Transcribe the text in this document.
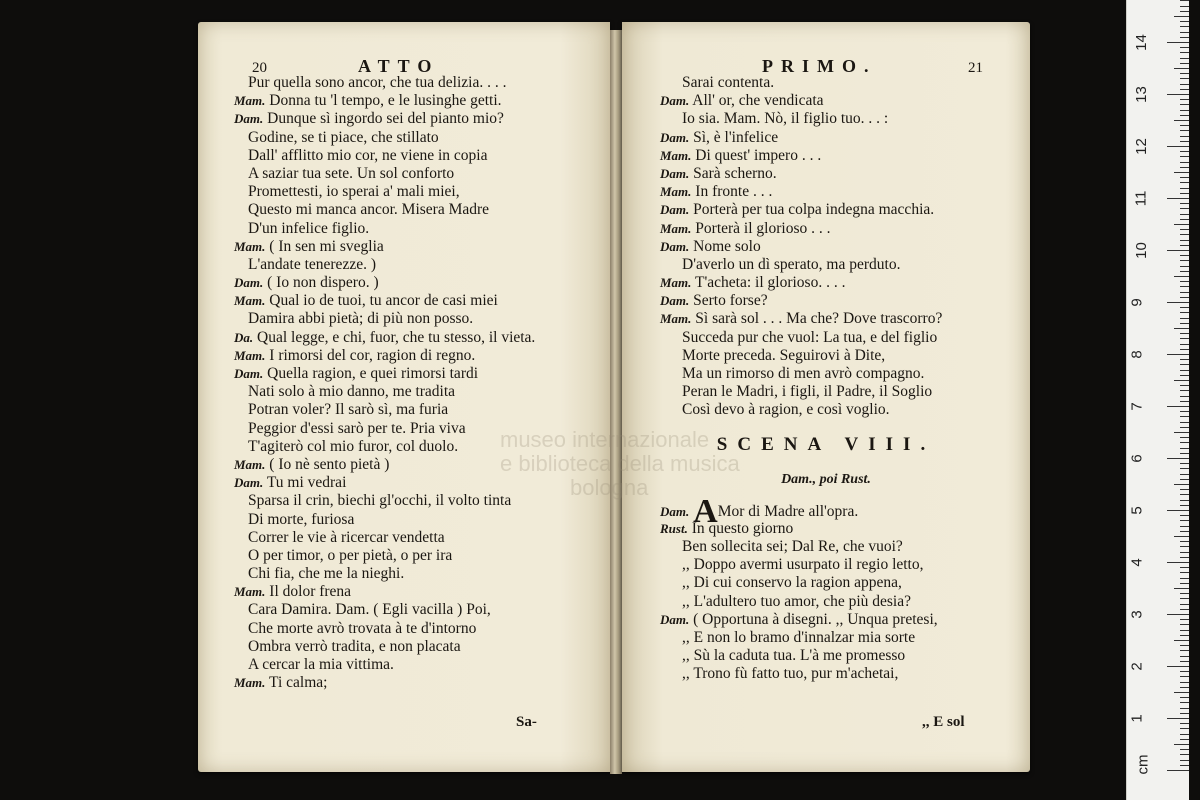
20	ATTO
Pur quella sono ancor, che tua delizia. . . .
Mam. Donna tu 'l tempo, e le lusinghe getti.
Dam. Dunque sì ingordo sei del pianto mio?
Godine, se ti piace, che stillato
Dall' afflitto mio cor, ne viene in copia
A saziar tua sete. Un sol conforto
Promettesti, io sperai a' mali miei,
Questo mi manca ancor. Misera Madre
D'un infelice figlio.
Mam. ( In sen mi sveglia
L'andate tenerezze. )
Dam. ( Io non dispero. )
Mam. Qual io de tuoi, tu ancor de casi miei
Damira abbi pietà; di più non posso.
Da. Qual legge, e chi, fuor, che tu stesso, il vieta.
Mam. I rimorsi del cor, ragion di regno.
Dam. Quella ragion, e quei rimorsi tardi
Nati solo à mio danno, me tradita
Potran voler? Il sarò sì, ma furia
Peggior d'essi sarò per te. Pria viva
T'agiterò col mio furor, col duolo.
Mam. ( Io nè sento pietà )
Dam. Tu mi vedrai
Sparsa il crin, biechi gl'occhi, il volto tinta
Di morte, furiosa
Correr le vie à ricercar vendetta
O per timor, o per pietà, o per ira
Chi fia, che me la nieghi.
Mam. Il dolor frena
Cara Damira. Dam. ( Egli vacilla ) Poi,
Che morte avrò trovata à te d'intorno
Ombra verrò tradita, e non placata
A cercar la mia vittima.
Mam. Ti calma;
Sa-
PRIMO.	21
Sarai contenta.
Dam. All' or, che vendicata
Io sia. Mam. Nò, il figlio tuo. . . :
Dam. Sì, è l'infelice
Mam. Di quest' impero . . .
Dam. Sarà scherno.
Mam. In fronte . . .
Dam. Porterà per tua colpa indegna macchia.
Mam. Porterà il glorioso . . .
Dam. Nome solo
D'averlo un dì sperato, ma perduto.
Mam. T'acheta: il glorioso. . . .
Dam. Serto forse?
Mam. Sì sarà sol . . . Ma che? Dove trascorro?
Succeda pur che vuol: La tua, e del figlio
Morte preceda. Seguirovi à Dite,
Ma un rimorso di men avrò compagno.
Peran le Madri, i figli, il Padre, il Soglio
Così devo à ragion, e così voglio.
SCENA VIII.
Dam., poi Rust.
Dam. AMor di Madre all'opra.
Rust. In questo giorno
Ben sollecita sei; Dal Re, che vuoi?
,, Doppo avermi usurpato il regio letto,
,, Di cui conservo la ragion appena,
,, L'adultero tuo amor, che più desia?
Dam. ( Opportuna à disegni. ,, Unqua pretesi,
,, E non lo bramo d'innalzar mia sorte
,, Sù la caduta tua. L'à me promesso
,, Trono fù fatto tuo, pur m'achetai,
,, E sol
museo internazionale
e biblioteca della musica
bologna
cm
1
2
3
4
5
6
7
8
9
10
11
12
13
14
